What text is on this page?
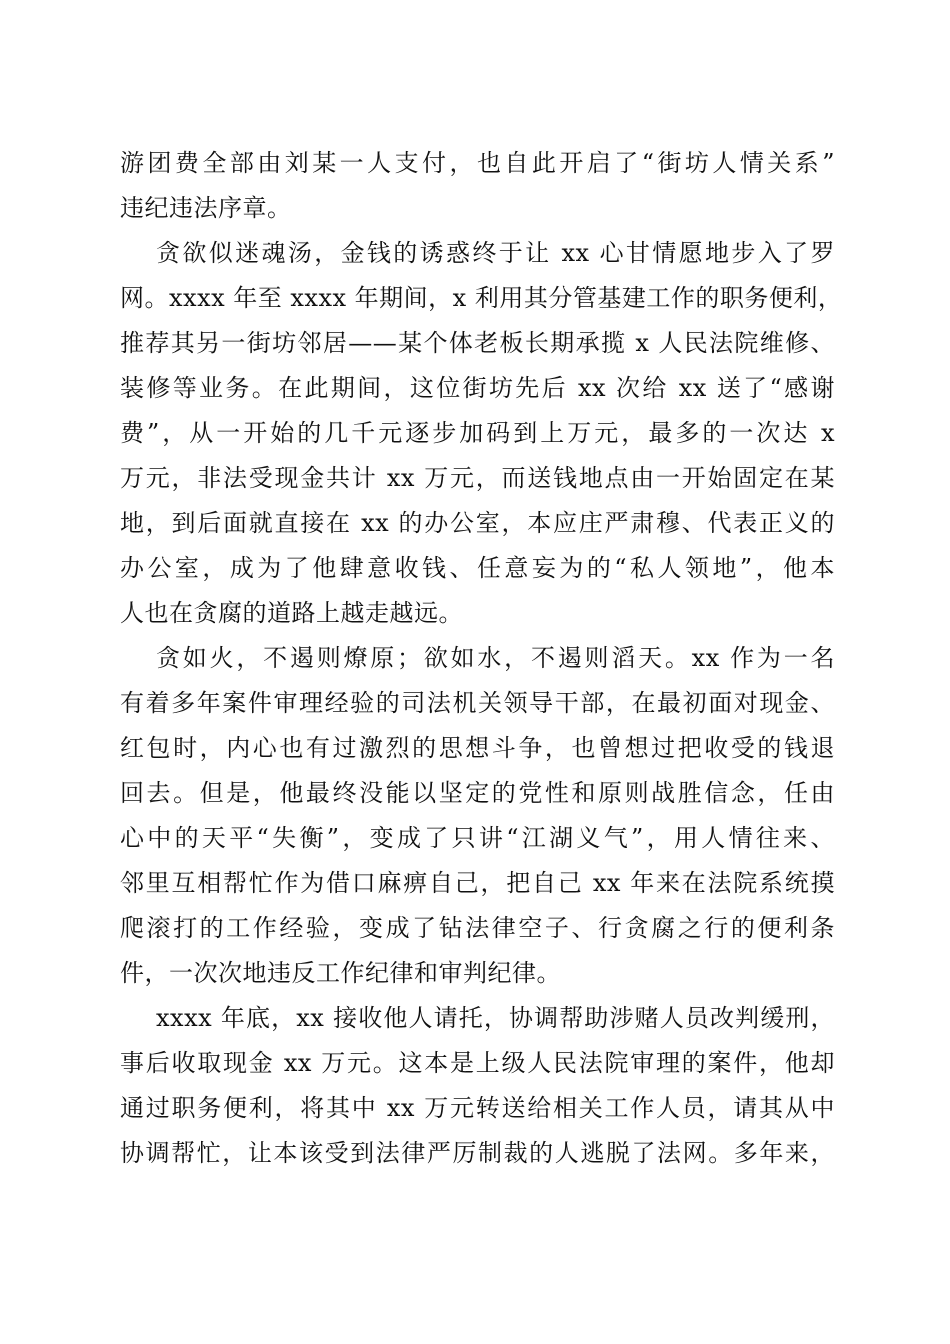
游团费全部由刘某一人支付，也自此开启了“街坊人情关系”
违纪违法序章。
贪欲似迷魂汤，金钱的诱惑终于让 xx 心甘情愿地步入了罗
网。xxxx 年至 xxxx 年期间，x 利用其分管基建工作的职务便利，
推荐其另一街坊邻居——某个体老板长期承揽 x 人民法院维修、
装修等业务。在此期间，这位街坊先后 xx 次给 xx 送了“感谢
费”，从一开始的几千元逐步加码到上万元，最多的一次达 x
万元，非法受现金共计 xx 万元，而送钱地点由一开始固定在某
地，到后面就直接在 xx 的办公室，本应庄严肃穆、代表正义的
办公室，成为了他肆意收钱、任意妄为的“私人领地”，他本
人也在贪腐的道路上越走越远。
贪如火，不遏则燎原；欲如水，不遏则滔天。xx 作为一名
有着多年案件审理经验的司法机关领导干部，在最初面对现金、
红包时，内心也有过激烈的思想斗争，也曾想过把收受的钱退
回去。但是，他最终没能以坚定的党性和原则战胜信念，任由
心中的天平“失衡”，变成了只讲“江湖义气”，用人情往来、
邻里互相帮忙作为借口麻痹自己，把自己 xx 年来在法院系统摸
爬滚打的工作经验，变成了钻法律空子、行贪腐之行的便利条
件，一次次地违反工作纪律和审判纪律。
xxxx 年底，xx 接收他人请托，协调帮助涉赌人员改判缓刑，
事后收取现金 xx 万元。这本是上级人民法院审理的案件，他却
通过职务便利，将其中 xx 万元转送给相关工作人员，请其从中
协调帮忙，让本该受到法律严厉制裁的人逃脱了法网。多年来，
